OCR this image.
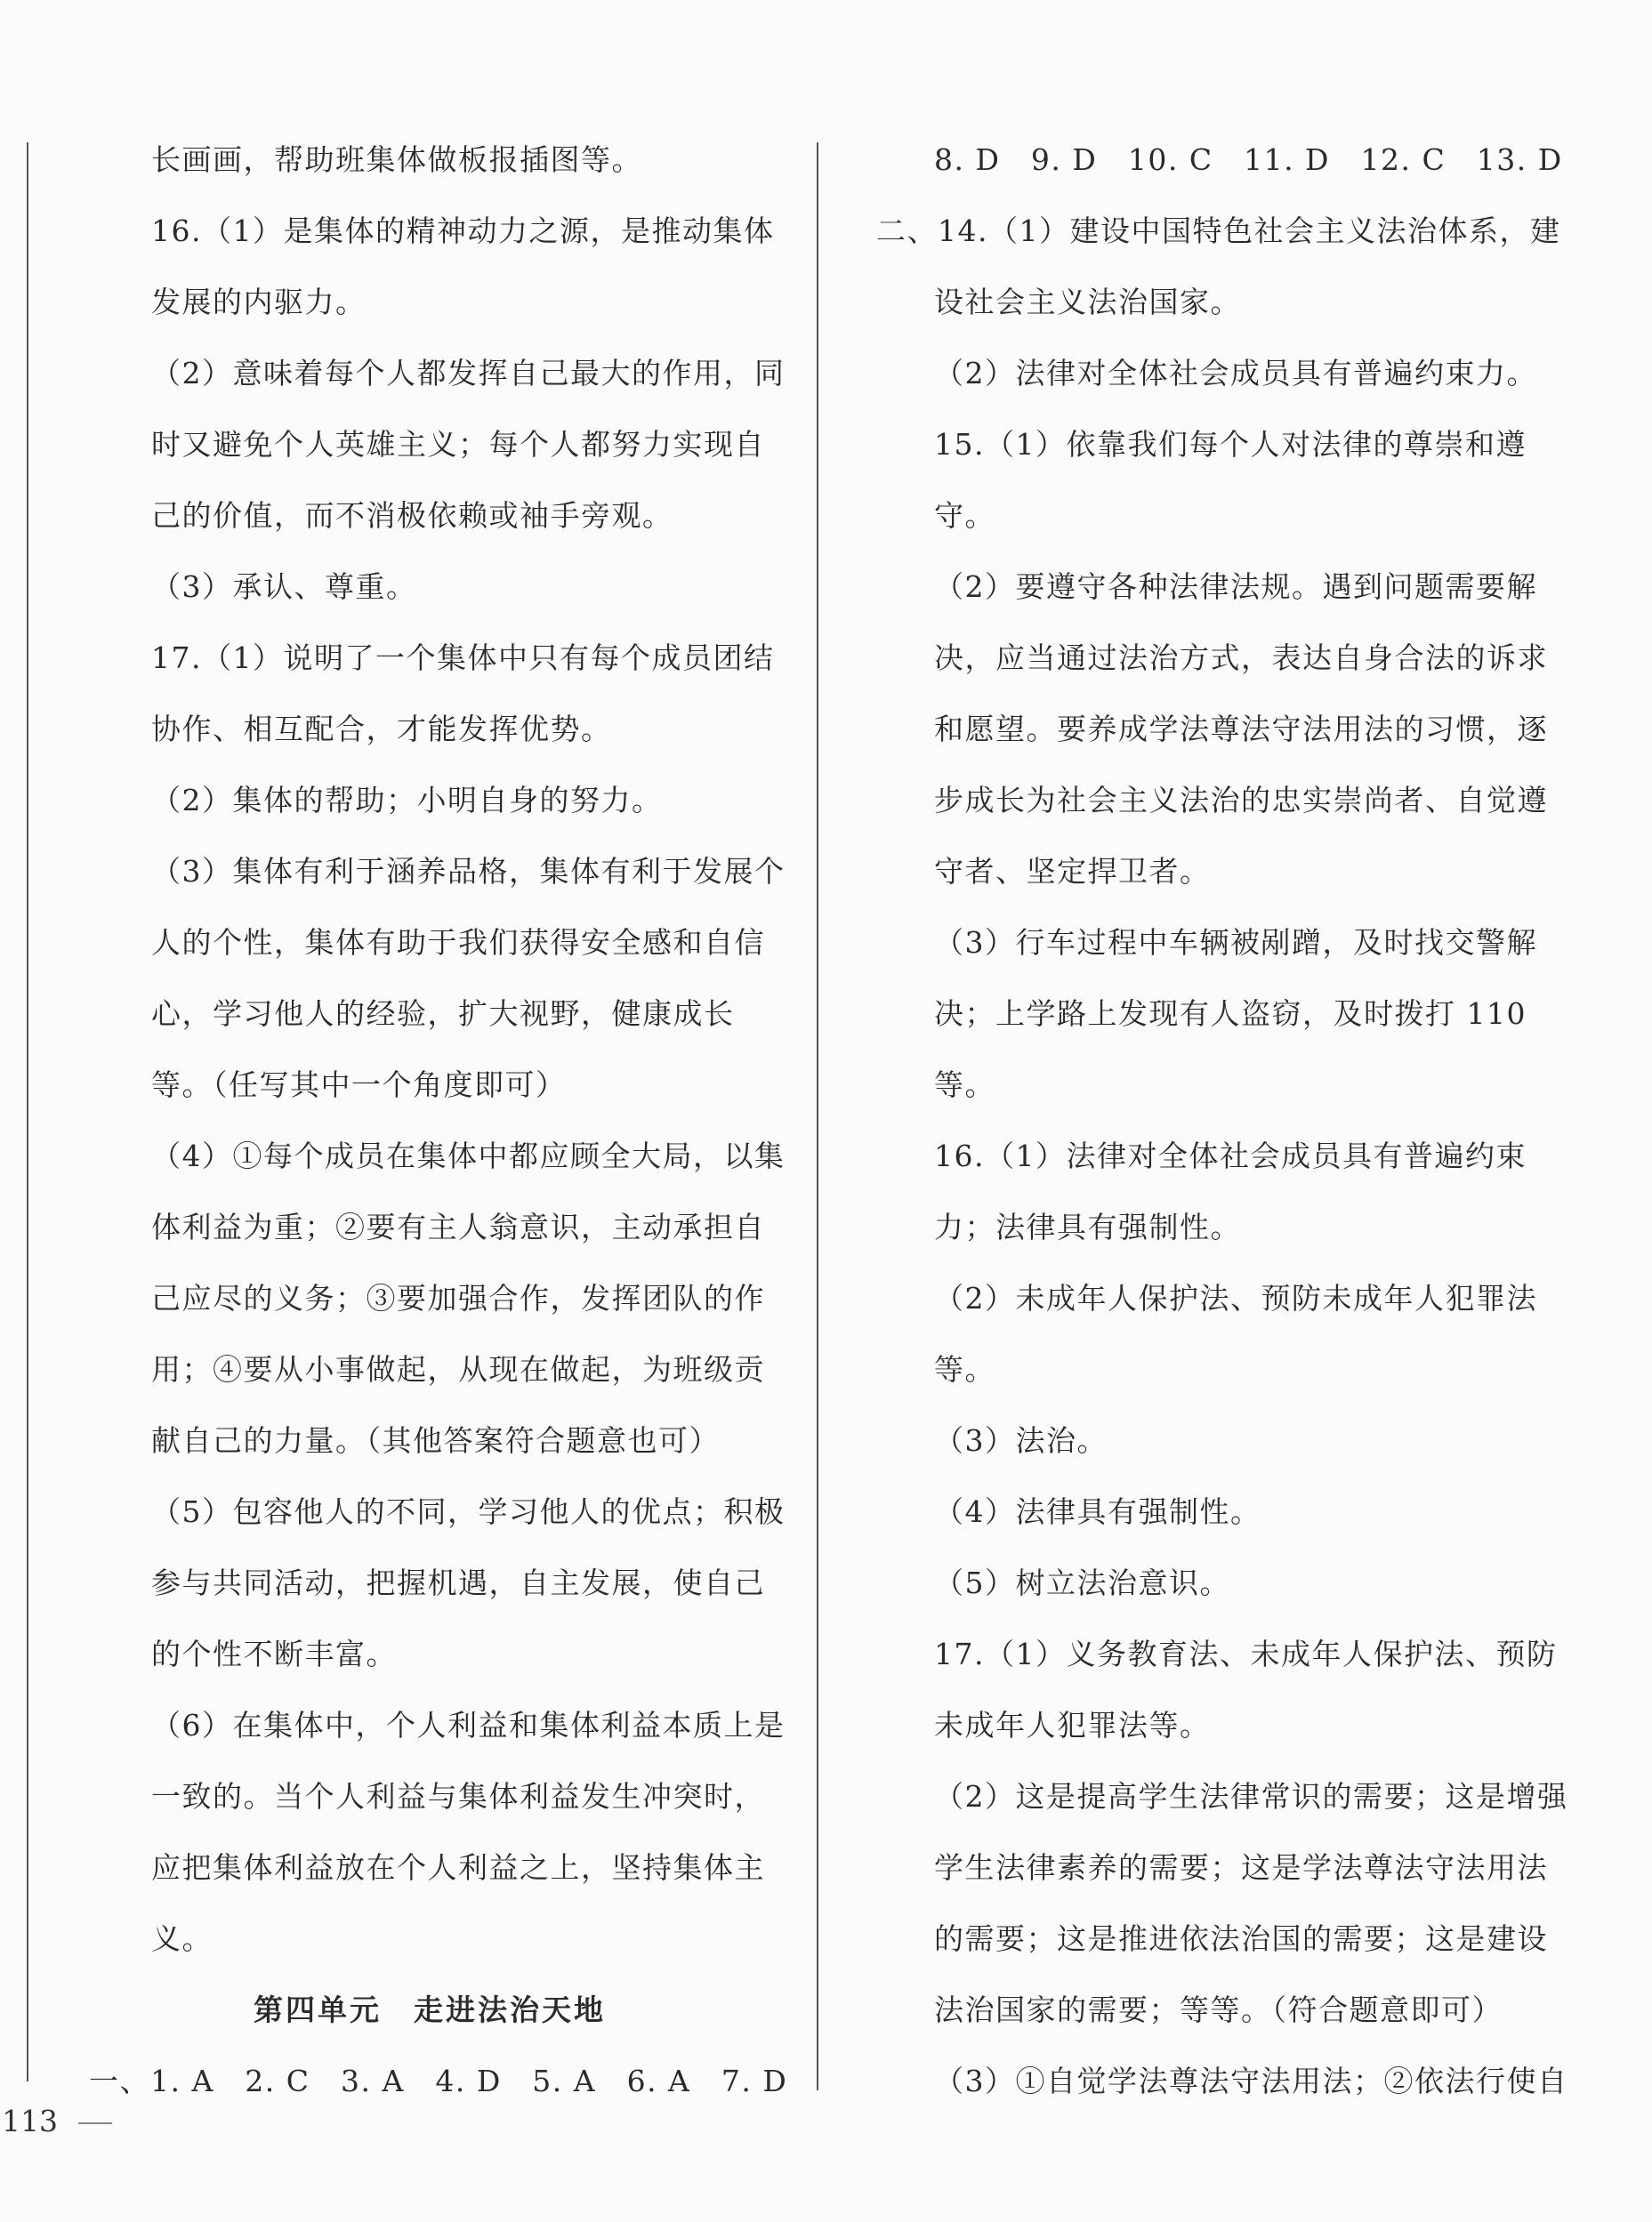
长画画，帮助班集体做板报插图等。
16.（1）是集体的精神动力之源，是推动集体
发展的内驱力。
（2）意味着每个人都发挥自己最大的作用，同
时又避免个人英雄主义；每个人都努力实现自
己的价值，而不消极依赖或袖手旁观。
（3）承认、尊重。
17.（1）说明了一个集体中只有每个成员团结
协作、相互配合，才能发挥优势。
（2）集体的帮助；小明自身的努力。
（3）集体有利于涵养品格，集体有利于发展个
人的个性，集体有助于我们获得安全感和自信
心，学习他人的经验，扩大视野，健康成长
等。（任写其中一个角度即可）
（4）①每个成员在集体中都应顾全大局，以集
体利益为重；②要有主人翁意识，主动承担自
己应尽的义务；③要加强合作，发挥团队的作
用；④要从小事做起，从现在做起，为班级贡
献自己的力量。（其他答案符合题意也可）
（5）包容他人的不同，学习他人的优点；积极
参与共同活动，把握机遇，自主发展，使自己
的个性不断丰富。
（6）在集体中，个人利益和集体利益本质上是
一致的。当个人利益与集体利益发生冲突时，
应把集体利益放在个人利益之上，坚持集体主
义。
第四单元　走进法治天地
一、1. A　2. C　3. A　4. D　5. A　6. A　7. D
8. D　9. D　10. C　11. D　12. C　13. D
二、14.（1）建设中国特色社会主义法治体系，建
设社会主义法治国家。
（2）法律对全体社会成员具有普遍约束力。
15.（1）依靠我们每个人对法律的尊崇和遵
守。
（2）要遵守各种法律法规。遇到问题需要解
决，应当通过法治方式，表达自身合法的诉求
和愿望。要养成学法尊法守法用法的习惯，逐
步成长为社会主义法治的忠实崇尚者、自觉遵
守者、坚定捍卫者。
（3）行车过程中车辆被剐蹭，及时找交警解
决；上学路上发现有人盗窃，及时拨打 110
等。
16.（1）法律对全体社会成员具有普遍约束
力；法律具有强制性。
（2）未成年人保护法、预防未成年人犯罪法
等。
（3）法治。
（4）法律具有强制性。
（5）树立法治意识。
17.（1）义务教育法、未成年人保护法、预防
未成年人犯罪法等。
（2）这是提高学生法律常识的需要；这是增强
学生法律素养的需要；这是学法尊法守法用法
的需要；这是推进依法治国的需要；这是建设
法治国家的需要；等等。（符合题意即可）
（3）①自觉学法尊法守法用法；②依法行使自
113
